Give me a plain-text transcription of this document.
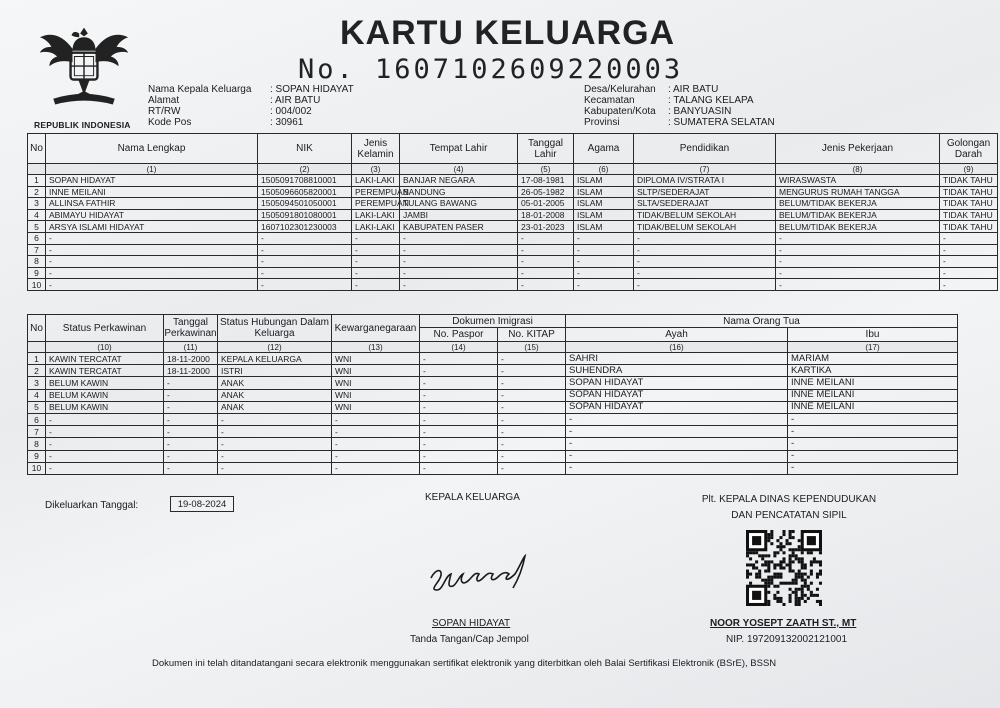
REPUBLIK INDONESIA
KARTU KELUARGA
No. 1607102609220003
Nama Kepala Keluarga	: SOPAN HIDAYAT
Alamat	: AIR BATU
RT/RW	: 004/002
Kode Pos	: 30961
Desa/Kelurahan	: AIR BATU
Kecamatan	: TALANG KELAPA
Kabupaten/Kota	: BANYUASIN
Provinsi	: SUMATERA SELATAN
No	Nama Lengkap	NIK	Jenis Kelamin	Tempat Lahir	Tanggal Lahir	Agama	Pendidikan	Jenis Pekerjaan	Golongan Darah
	(1)	(2)	(3)	(4)	(5)	(6)	(7)	(8)	(9)
1	SOPAN HIDAYAT	1505091708810001	LAKI-LAKI	BANJAR NEGARA	17-08-1981	ISLAM	DIPLOMA IV/STRATA I	WIRASWASTA	TIDAK TAHU
2	INNE MEILANI	1505096605820001	PEREMPUAN	BANDUNG	26-05-1982	ISLAM	SLTP/SEDERAJAT	MENGURUS RUMAH TANGGA	TIDAK TAHU
3	ALLINSA FATHIR	1505094501050001	PEREMPUAN	TULANG BAWANG	05-01-2005	ISLAM	SLTA/SEDERAJAT	BELUM/TIDAK BEKERJA	TIDAK TAHU
4	ABIMAYU HIDAYAT	1505091801080001	LAKI-LAKI	JAMBI	18-01-2008	ISLAM	TIDAK/BELUM SEKOLAH	BELUM/TIDAK BEKERJA	TIDAK TAHU
5	ARSYA ISLAMI HIDAYAT	1607102301230003	LAKI-LAKI	KABUPATEN PASER	23-01-2023	ISLAM	TIDAK/BELUM SEKOLAH	BELUM/TIDAK BEKERJA	TIDAK TAHU
6	-	-	-	-	-	-	-	-	-
7	-	-	-	-	-	-	-	-	-
8	-	-	-	-	-	-	-	-	-
9	-	-	-	-	-	-	-	-	-
10	-	-	-	-	-	-	-	-	-
No	Status Perkawinan	Tanggal Perkawinan	Status Hubungan Dalam Keluarga	Kewarganegaraan	Dokumen Imigrasi		Nama Orang Tua	
					No. Paspor	No. KITAP	Ayah	Ibu
	(10)	(11)	(12)	(13)	(14)	(15)	(16)	(17)
1	KAWIN TERCATAT	18-11-2000	KEPALA KELUARGA	WNI	-	-	SAHRI	MARIAM
2	KAWIN TERCATAT	18-11-2000	ISTRI	WNI	-	-	SUHENDRA	KARTIKA
3	BELUM KAWIN	-	ANAK	WNI	-	-	SOPAN HIDAYAT	INNE MEILANI
4	BELUM KAWIN	-	ANAK	WNI	-	-	SOPAN HIDAYAT	INNE MEILANI
5	BELUM KAWIN	-	ANAK	WNI	-	-	SOPAN HIDAYAT	INNE MEILANI
6	-	-	-	-	-	-	-	-
7	-	-	-	-	-	-	-	-
8	-	-	-	-	-	-	-	-
9	-	-	-	-	-	-	-	-
10	-	-	-	-	-	-	-	-
Dikeluarkan Tanggal:	19-08-2024
KEPALA KELUARGA
SOPAN HIDAYAT
Tanda Tangan/Cap Jempol
Plt. KEPALA DINAS KEPENDUDUKAN DAN PENCATATAN SIPIL
NOOR YOSEPT ZAATH ST., MT
NIP. 197209132002121001
Dokumen ini telah ditandatangani secara elektronik menggunakan sertifikat elektronik yang diterbitkan oleh Balai Sertifikasi Elektronik (BSrE), BSSN
